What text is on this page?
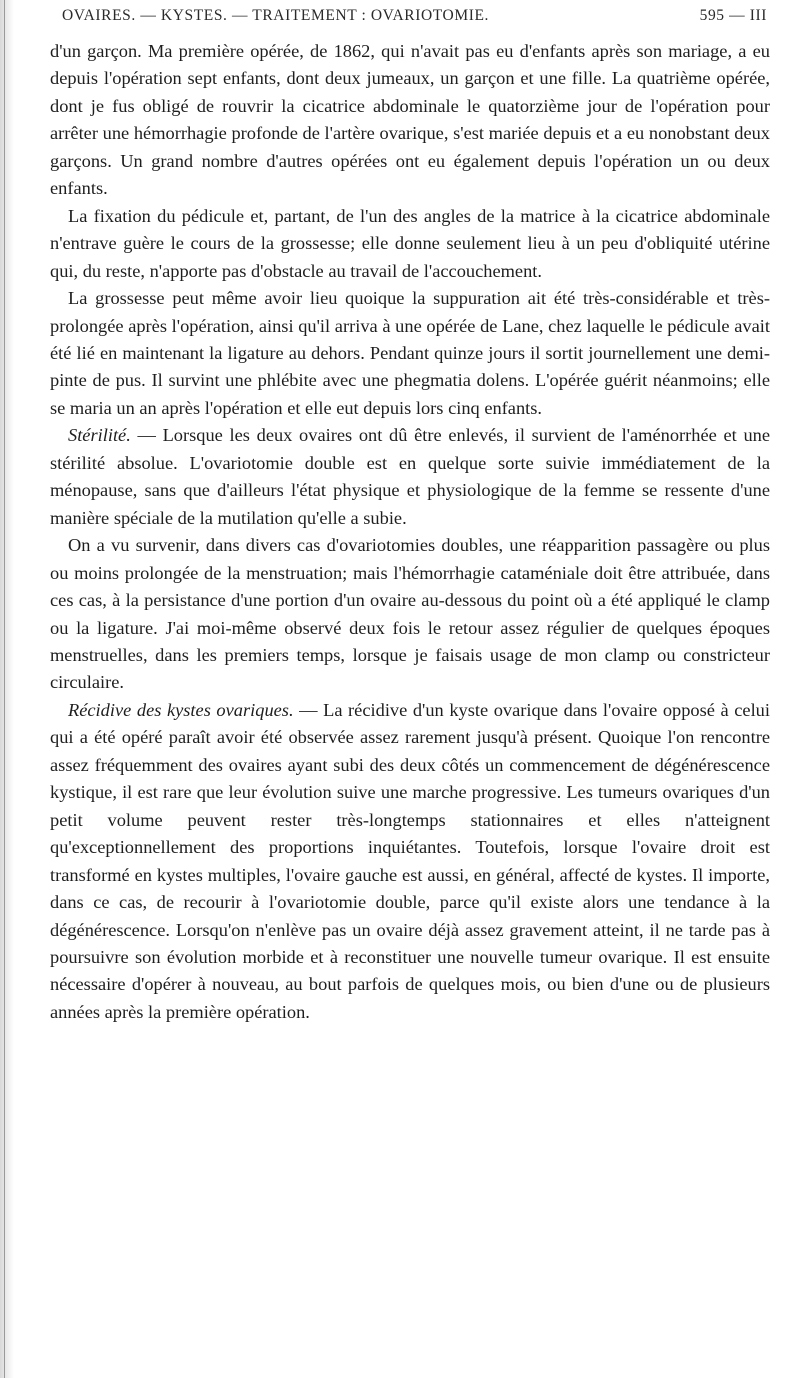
OVAIRES. — KYSTES. — TRAITEMENT : OVARIOTOMIE.	595 — III

d'un garçon. Ma première opérée, de 1862, qui n'avait pas eu d'enfants après son mariage, a eu depuis l'opération sept enfants, dont deux jumeaux, un garçon et une fille. La quatrième opérée, dont je fus obligé de rouvrir la cicatrice abdominale le quatorzième jour de l'opération pour arrêter une hémorrhagie profonde de l'artère ovarique, s'est mariée depuis et a eu nonobstant deux garçons. Un grand nombre d'autres opérées ont eu également depuis l'opération un ou deux enfants.

La fixation du pédicule et, partant, de l'un des angles de la matrice à la cicatrice abdominale n'entrave guère le cours de la grossesse; elle donne seulement lieu à un peu d'obliquité utérine qui, du reste, n'apporte pas d'obstacle au travail de l'accouchement.

La grossesse peut même avoir lieu quoique la suppuration ait été très-considérable et très-prolongée après l'opération, ainsi qu'il arriva à une opérée de Lane, chez laquelle le pédicule avait été lié en maintenant la ligature au dehors. Pendant quinze jours il sortit journellement une demi-pinte de pus. Il survint une phlébite avec une phegmatia dolens. L'opérée guérit néanmoins; elle se maria un an après l'opération et elle eut depuis lors cinq enfants.

Stérilité. — Lorsque les deux ovaires ont dû être enlevés, il survient de l'aménorrhée et une stérilité absolue. L'ovariotomie double est en quelque sorte suivie immédiatement de la ménopause, sans que d'ailleurs l'état physique et physiologique de la femme se ressente d'une manière spéciale de la mutilation qu'elle a subie.

On a vu survenir, dans divers cas d'ovariotomies doubles, une réapparition passagère ou plus ou moins prolongée de la menstruation; mais l'hémorrhagie cataméniale doit être attribuée, dans ces cas, à la persistance d'une portion d'un ovaire au-dessous du point où a été appliqué le clamp ou la ligature. J'ai moi-même observé deux fois le retour assez régulier de quelques époques menstruelles, dans les premiers temps, lorsque je faisais usage de mon clamp ou constricteur circulaire.

Récidive des kystes ovariques. — La récidive d'un kyste ovarique dans l'ovaire opposé à celui qui a été opéré paraît avoir été observée assez rarement jusqu'à présent. Quoique l'on rencontre assez fréquemment des ovaires ayant subi des deux côtés un commencement de dégénérescence kystique, il est rare que leur évolution suive une marche progressive. Les tumeurs ovariques d'un petit volume peuvent rester très-longtemps stationnaires et elles n'atteignent qu'exceptionnellement des proportions inquiétantes. Toutefois, lorsque l'ovaire droit est transformé en kystes multiples, l'ovaire gauche est aussi, en général, affecté de kystes. Il importe, dans ce cas, de recourir à l'ovariotomie double, parce qu'il existe alors une tendance à la dégénérescence. Lorsqu'on n'enlève pas un ovaire déjà assez gravement atteint, il ne tarde pas à poursuivre son évolution morbide et à reconstituer une nouvelle tumeur ovarique. Il est ensuite nécessaire d'opérer à nouveau, au bout parfois de quelques mois, ou bien d'une ou de plusieurs années après la première opération.
